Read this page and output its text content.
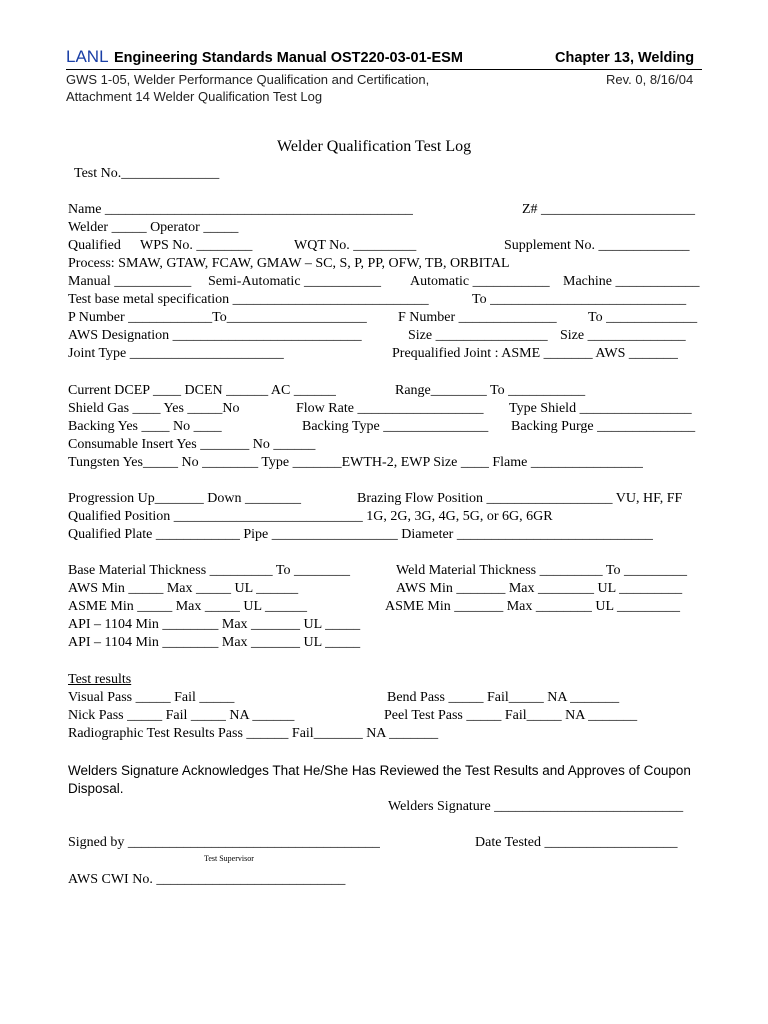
LANL Engineering Standards Manual OST220-03-01-ESM	Chapter 13, Welding
GWS 1-05, Welder Performance Qualification and Certification,	Rev. 0, 8/16/04
Attachment 14 Welder Qualification Test Log
Welder Qualification Test Log
Test No.______________
Name ____________________________________________	Z# ______________________
Welder _____ Operator _____
Qualified WPS No. ________	WQT No. _________	Supplement No. _____________
Process: SMAW, GTAW, FCAW, GMAW – SC, S, P, PP, OFW, TB, ORBITAL
Manual ___________ Semi-Automatic ___________ Automatic ___________ Machine ____________
Test base metal specification ____________________________	To ____________________________
P Number ____________To____________________ F Number ______________ To _____________
AWS Designation ___________________________	Size ________________ Size ______________
Joint Type ______________________	Prequalified Joint : ASME _______ AWS _______
Current DCEP ____ DCEN ______ AC ______	Range________ To ___________
Shield Gas ____ Yes _____No	Flow Rate __________________ Type Shield ________________
Backing Yes ____ No ____	Backing Type _______________ Backing Purge ______________
Consumable Insert Yes _______ No ______
Tungsten Yes_____ No ________ Type _______EWTH-2, EWP Size ____ Flame ________________
Progression Up_______ Down ________	Brazing Flow Position __________________ VU, HF, FF
Qualified Position ___________________________ 1G, 2G, 3G, 4G, 5G, or 6G, 6GR
Qualified Plate ____________ Pipe __________________ Diameter ____________________________
Base Material Thickness _________ To ________	Weld Material Thickness _________ To _________
AWS Min _____ Max _____ UL ______	AWS Min _______ Max ________ UL _________
ASME Min _____ Max _____ UL ______	ASME Min _______ Max ________ UL _________
API – 1104 Min ________ Max _______ UL _____
API – 1104 Min ________ Max _______ UL _____
Test results
Visual Pass _____ Fail _____	Bend Pass _____ Fail_____ NA _______
Nick Pass _____ Fail _____ NA ______	Peel Test Pass _____ Fail_____ NA _______
Radiographic Test Results Pass ______ Fail_______ NA _______
Welders Signature Acknowledges That He/She Has Reviewed the Test Results and Approves of Coupon
Disposal.
Welders Signature ___________________________
Signed by ____________________________________	Date Tested ___________________
Test Supervisor
AWS CWI No. ___________________________
